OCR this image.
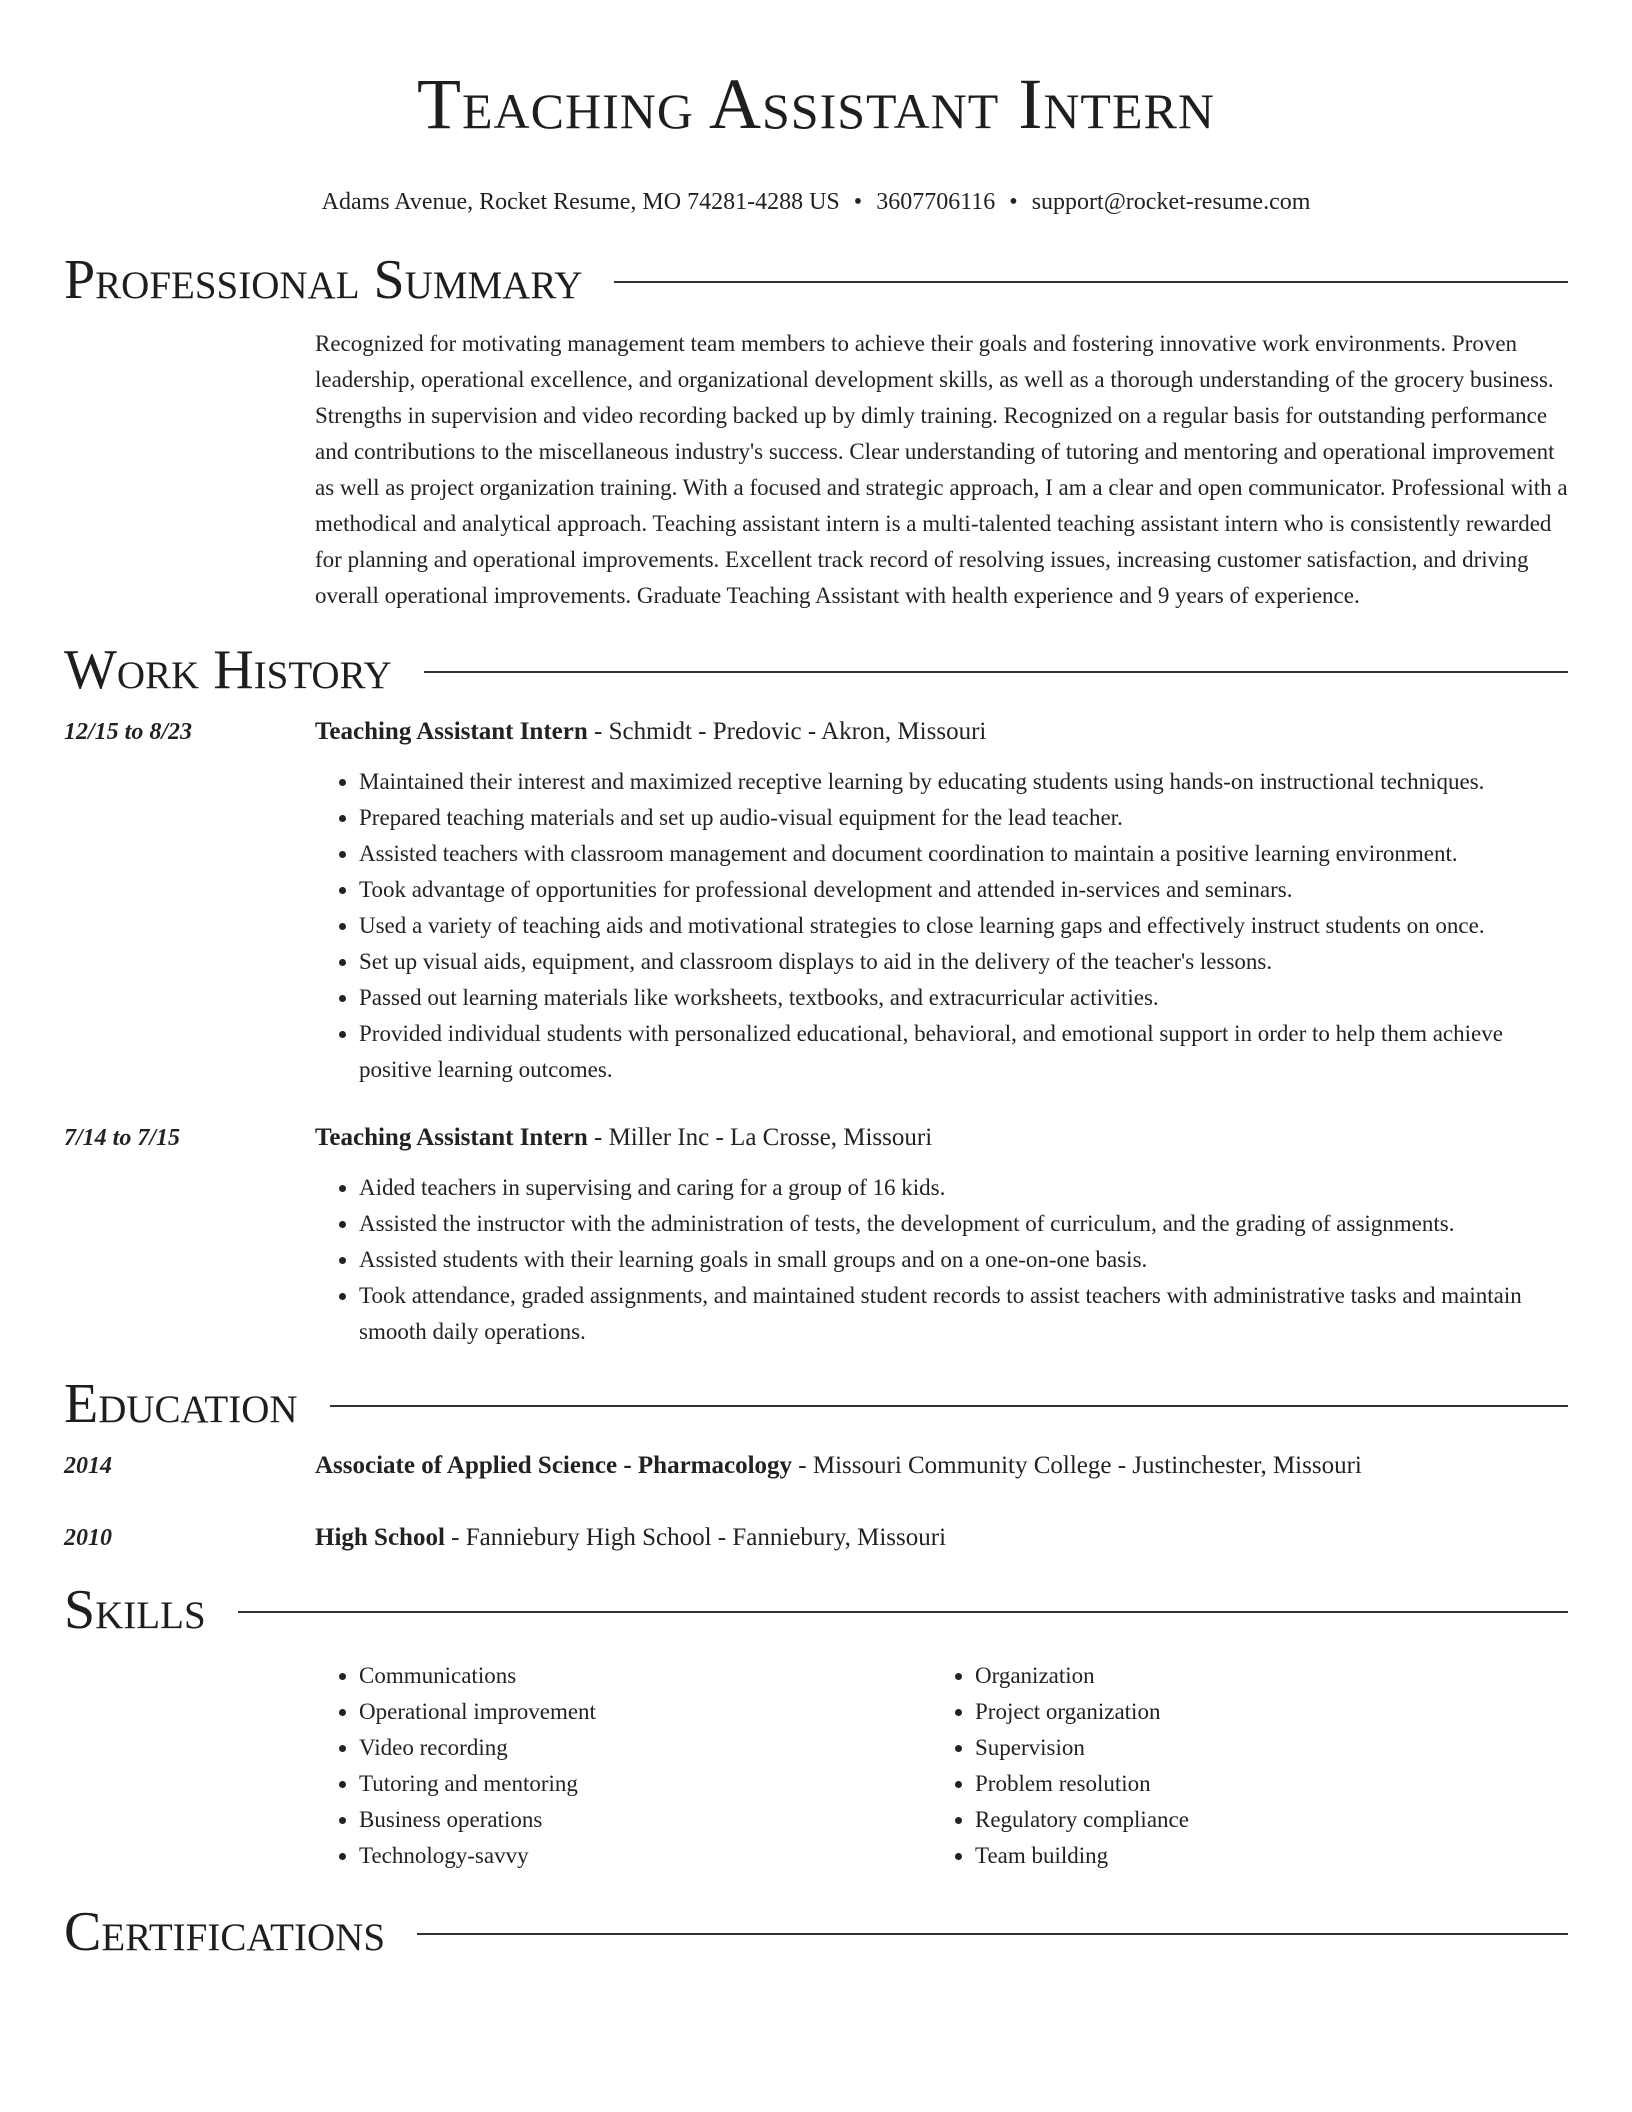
Teaching Assistant Intern
Adams Avenue, Rocket Resume, MO 74281-4288 US • 3607706116 • support@rocket-resume.com
Professional Summary
Recognized for motivating management team members to achieve their goals and fostering innovative work environments. Proven leadership, operational excellence, and organizational development skills, as well as a thorough understanding of the grocery business. Strengths in supervision and video recording backed up by dimly training. Recognized on a regular basis for outstanding performance and contributions to the miscellaneous industry's success. Clear understanding of tutoring and mentoring and operational improvement as well as project organization training. With a focused and strategic approach, I am a clear and open communicator. Professional with a methodical and analytical approach. Teaching assistant intern is a multi-talented teaching assistant intern who is consistently rewarded for planning and operational improvements. Excellent track record of resolving issues, increasing customer satisfaction, and driving overall operational improvements. Graduate Teaching Assistant with health experience and 9 years of experience.
Work History
12/15 to 8/23	Teaching Assistant Intern - Schmidt - Predovic - Akron, Missouri
• Maintained their interest and maximized receptive learning by educating students using hands-on instructional techniques.
• Prepared teaching materials and set up audio-visual equipment for the lead teacher.
• Assisted teachers with classroom management and document coordination to maintain a positive learning environment.
• Took advantage of opportunities for professional development and attended in-services and seminars.
• Used a variety of teaching aids and motivational strategies to close learning gaps and effectively instruct students on once.
• Set up visual aids, equipment, and classroom displays to aid in the delivery of the teacher's lessons.
• Passed out learning materials like worksheets, textbooks, and extracurricular activities.
• Provided individual students with personalized educational, behavioral, and emotional support in order to help them achieve positive learning outcomes.
7/14 to 7/15	Teaching Assistant Intern - Miller Inc - La Crosse, Missouri
• Aided teachers in supervising and caring for a group of 16 kids.
• Assisted the instructor with the administration of tests, the development of curriculum, and the grading of assignments.
• Assisted students with their learning goals in small groups and on a one-on-one basis.
• Took attendance, graded assignments, and maintained student records to assist teachers with administrative tasks and maintain smooth daily operations.
Education
2014	Associate of Applied Science - Pharmacology - Missouri Community College - Justinchester, Missouri
2010	High School - Fanniebury High School - Fanniebury, Missouri
Skills
• Communications
• Operational improvement
• Video recording
• Tutoring and mentoring
• Business operations
• Technology-savvy
• Organization
• Project organization
• Supervision
• Problem resolution
• Regulatory compliance
• Team building
Certifications
